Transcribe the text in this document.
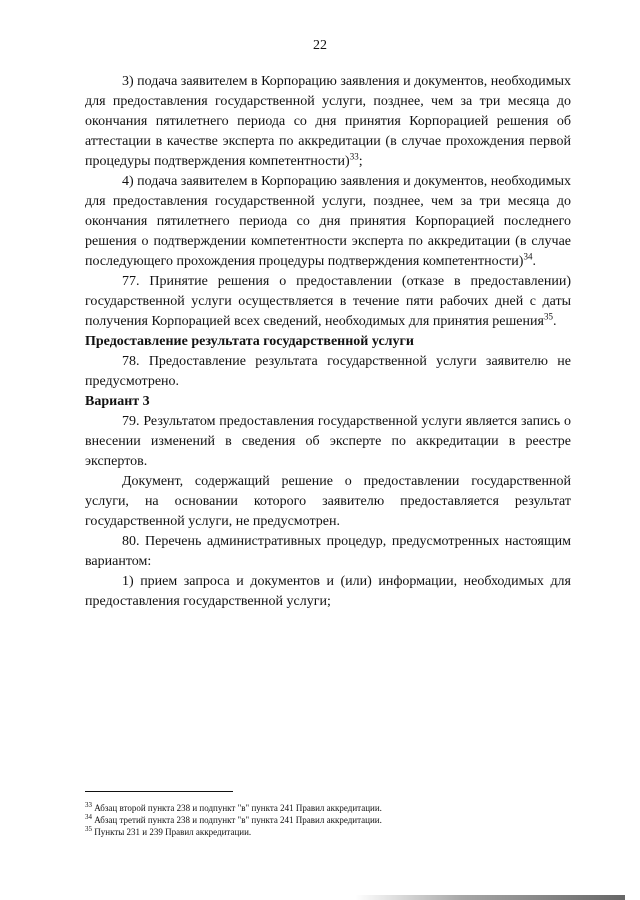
22

3) подача заявителем в Корпорацию заявления и документов, необходимых для предоставления государственной услуги, позднее, чем за три месяца до окончания пятилетнего периода со дня принятия Корпорацией решения об аттестации в качестве эксперта по аккредитации (в случае прохождения первой процедуры подтверждения компетентности)$^{33}$;

4) подача заявителем в Корпорацию заявления и документов, необходимых для предоставления государственной услуги, позднее, чем за три месяца до окончания пятилетнего периода со дня принятия Корпорацией последнего решения о подтверждении компетентности эксперта по аккредитации (в случае последующего прохождения процедуры подтверждения компетентности)$^{34}$.

77. Принятие решения о предоставлении (отказе в предоставлении) государственной услуги осуществляется в течение пяти рабочих дней с даты получения Корпорацией всех сведений, необходимых для принятия решения$^{35}$.

Предоставление результата государственной услуги

78. Предоставление результата государственной услуги заявителю не предусмотрено.

Вариант 3

79. Результатом предоставления государственной услуги является запись о внесении изменений в сведения об эксперте по аккредитации в реестре экспертов.

Документ, содержащий решение о предоставлении государственной услуги, на основании которого заявителю предоставляется результат государственной услуги, не предусмотрен.

80. Перечень административных процедур, предусмотренных настоящим вариантом:

1) прием запроса и документов и (или) информации, необходимых для предоставления государственной услуги;

$^{33}$ Абзац второй пункта 238 и подпункт "в" пункта 241 Правил аккредитации.
$^{34}$ Абзац третий пункта 238 и подпункт "в" пункта 241 Правил аккредитации.
$^{35}$ Пункты 231 и 239 Правил аккредитации.
